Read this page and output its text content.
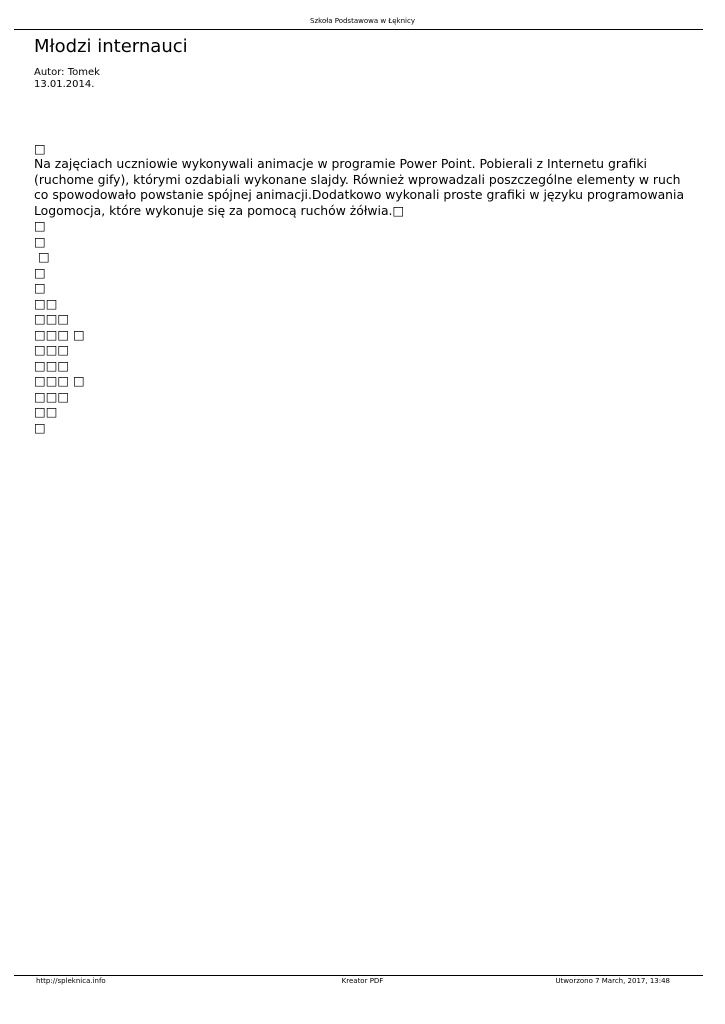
Szkoła Podstawowa w Łęknicy
Młodzi internauci
Autor: Tomek
13.01.2014.
□
Na zajęciach uczniowie wykonywali animacje w programie Power Point. Pobierali z Internetu grafiki
(ruchome gify), którymi ozdabiali wykonane slajdy. Również wprowadzali poszczególne elementy w ruch
co spowodowało powstanie spójnej animacji.Dodatkowo wykonali proste grafiki w języku programowania
Logomocja, które wykonuje się za pomocą ruchów żółwia.□
□
□
□
□
□
□□
□□□
□□□ □
□□□
□□□
□□□ □
□□□
□□
□
Kreator PDF
http://spleknica.info	Utworzono 7 March, 2017, 13:48
